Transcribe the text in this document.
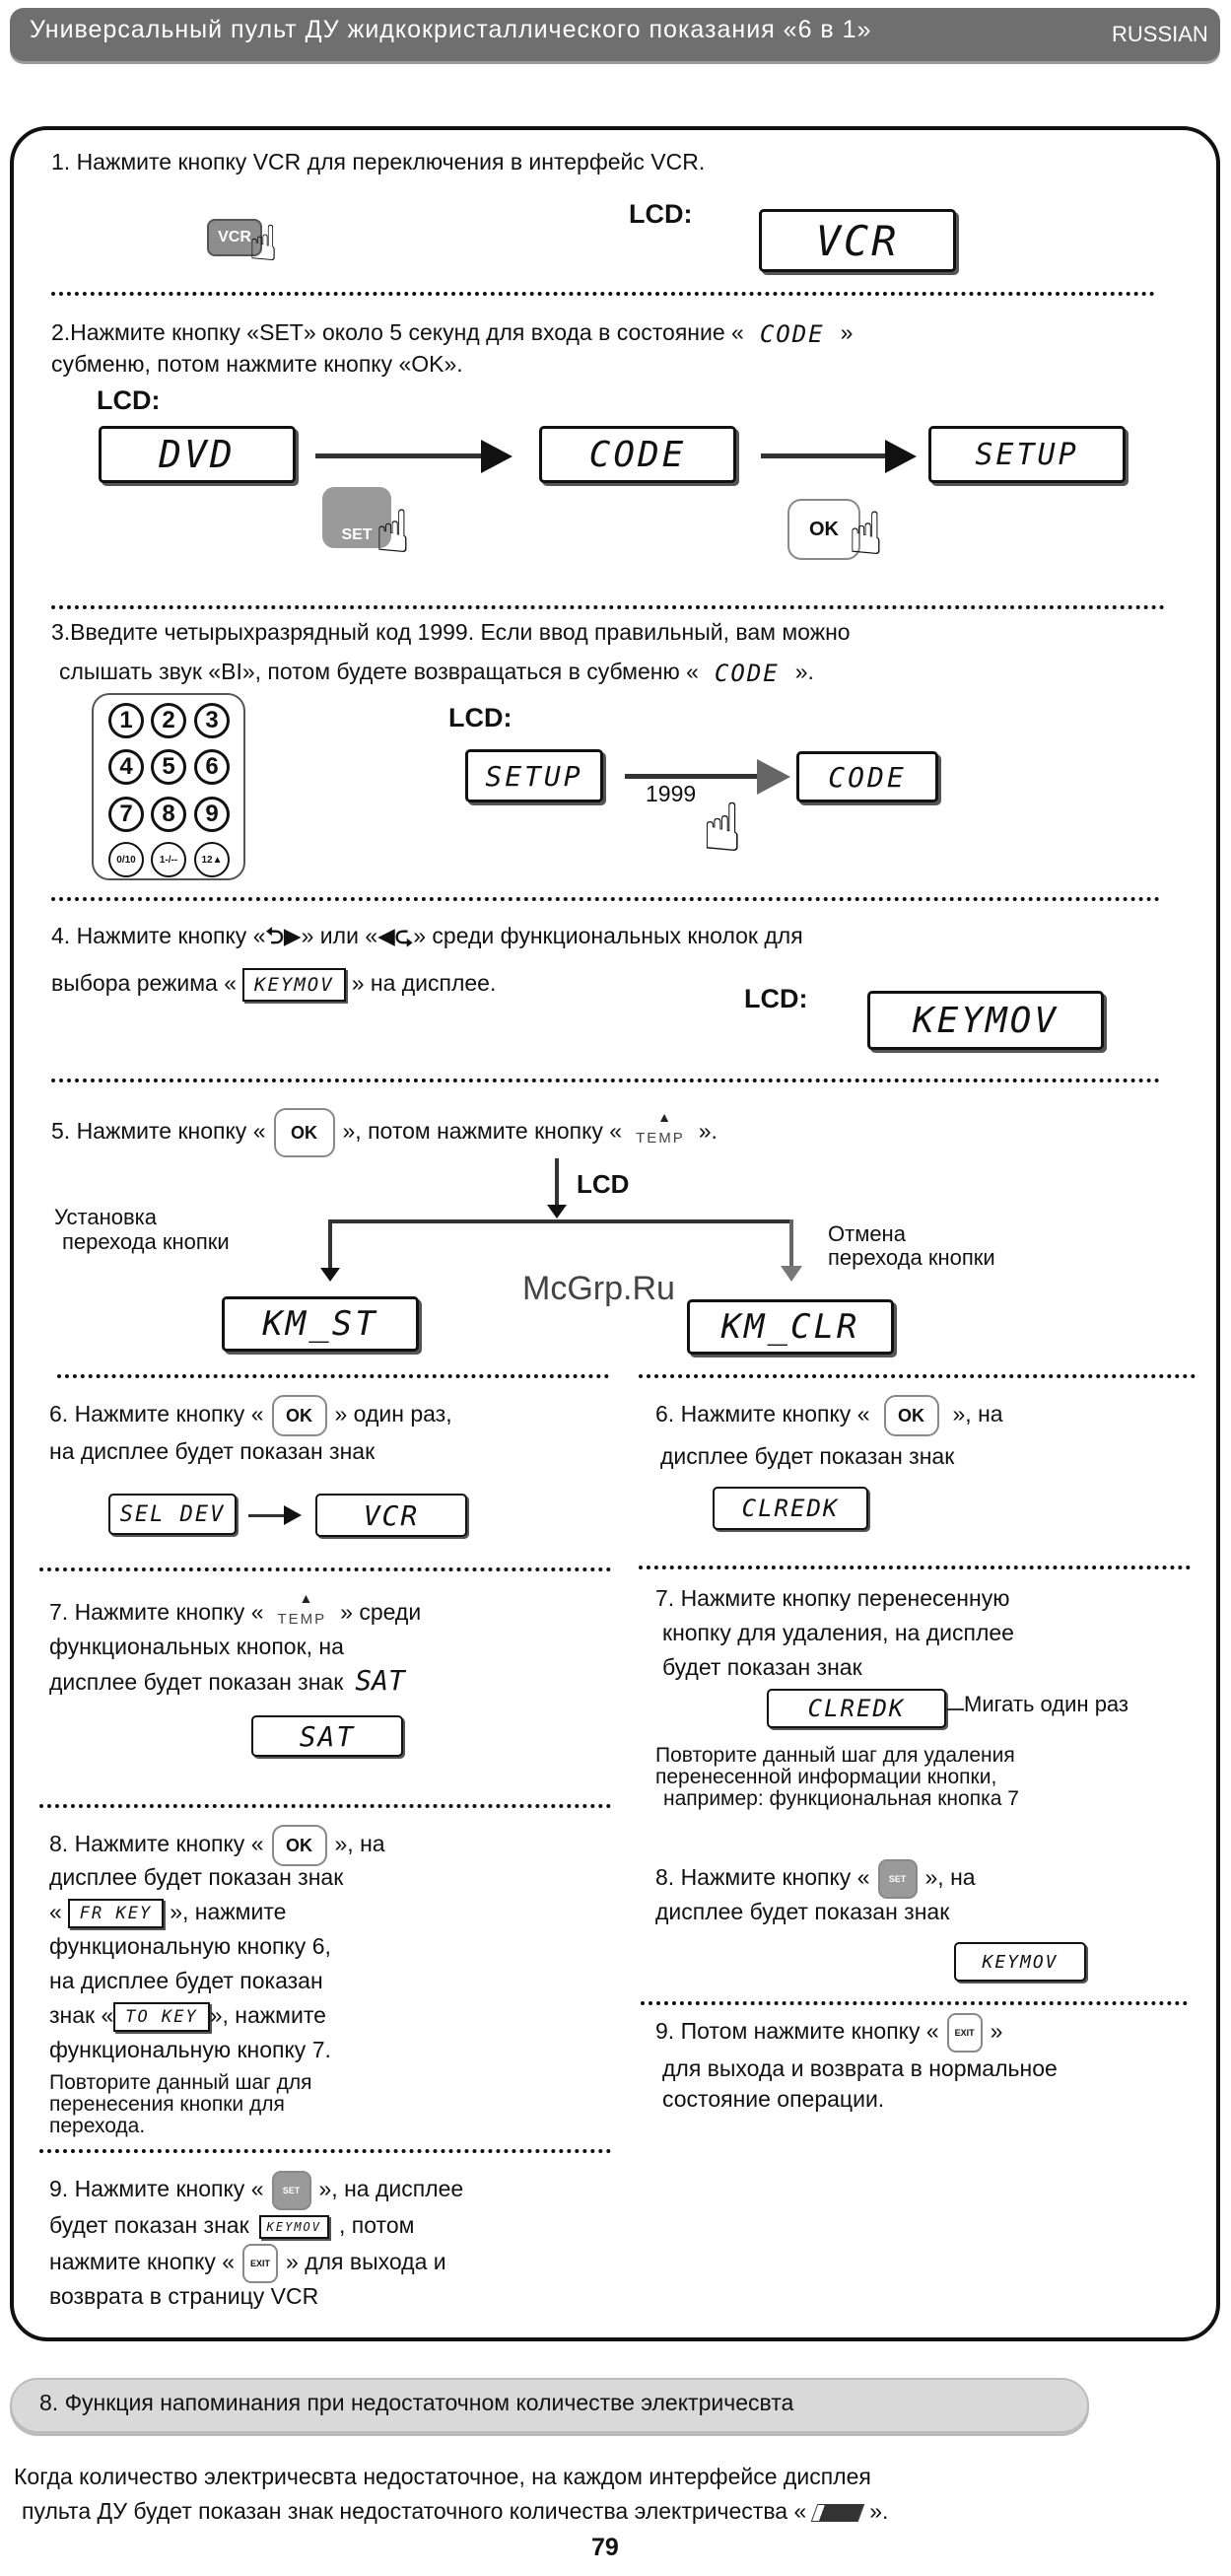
Универсальный пульт ДУ жидкокристаллического показания «6 в 1»	RUSSIAN
1. Нажмите кнопку VCR для переключения в интерфейс VCR.
VCR
☝
LCD:
VCR
2.Нажмите кнопку «SET» около 5 секунд для входа в состояние « CODE »
субменю, потом нажмите кнопку «OK».
LCD:
DVD	CODE	SETUP
SET ☝	OK ☝
3.Введите четырыхразрядный код 1999. Если ввод правильный, вам можно
слышать звук «BI», потом будете возвращаться в субменю « CODE ».
1	2	3
4	5	6
7	8	9
0/10	1-/--	12▲
LCD:
SETUP	CODE
1999 ☝
4. Нажмите кнопку «⮌▶» или «◀⮎» среди функциональных кнолок для
выбора режима « KEYMOV » на дисплее.
LCD:
KEYMOV
5. Нажмите кнопку « OK », потом нажмите кнопку « ▲ TEMP ».
LCD
Установка
перехода кнопки	Отмена
перехода кнопки
McGrp.Ru
KM_ST	KM_CLR
6. Нажмите кнопку « OK » один раз,
на дисплее будет показан знак
SEL DEV	VCR
7. Нажмите кнопку « ▲ TEMP » среди
функциональных кнопок, на
дисплее будет показан знак SAT
SAT
8. Нажмите кнопку « OK », на
дисплее будет показан знак
« FR KEY », нажмите
функциональную кнопку 6,
на дисплее будет показан
знак « TO KEY », нажмите
функциональную кнопку 7.
Повторите данный шаг для
перенесения кнопки для
перехода.
9. Нажмите кнопку « SET », на дисплее
будет показан знак KEYMOV , потом
нажмите кнопку « EXIT » для выхода и
возврата в страницу VCR
6. Нажмите кнопку « OK », на
дисплее будет показан знак
CLREDK
7. Нажмите кнопку перенесенную
кнопку для удаления, на дисплее
будет показан знак
CLREDK	Мигать один раз
Повторите данный шаг для удаления
перенесенной информации кнопки,
например: функциональная кнопка 7
8. Нажмите кнопку « SET », на
дисплее будет показан знак
KEYMOV
9. Потом нажмите кнопку « EXIT »
для выхода и возврата в нормальное
состояние операции.
8. Функция напоминания при недостаточном количестве электричесвта
Когда количество электричесвта недостаточное, на каждом интерфейсе дисплея
пульта ДУ будет показан знак недостаточного количества электричества «	».
79
